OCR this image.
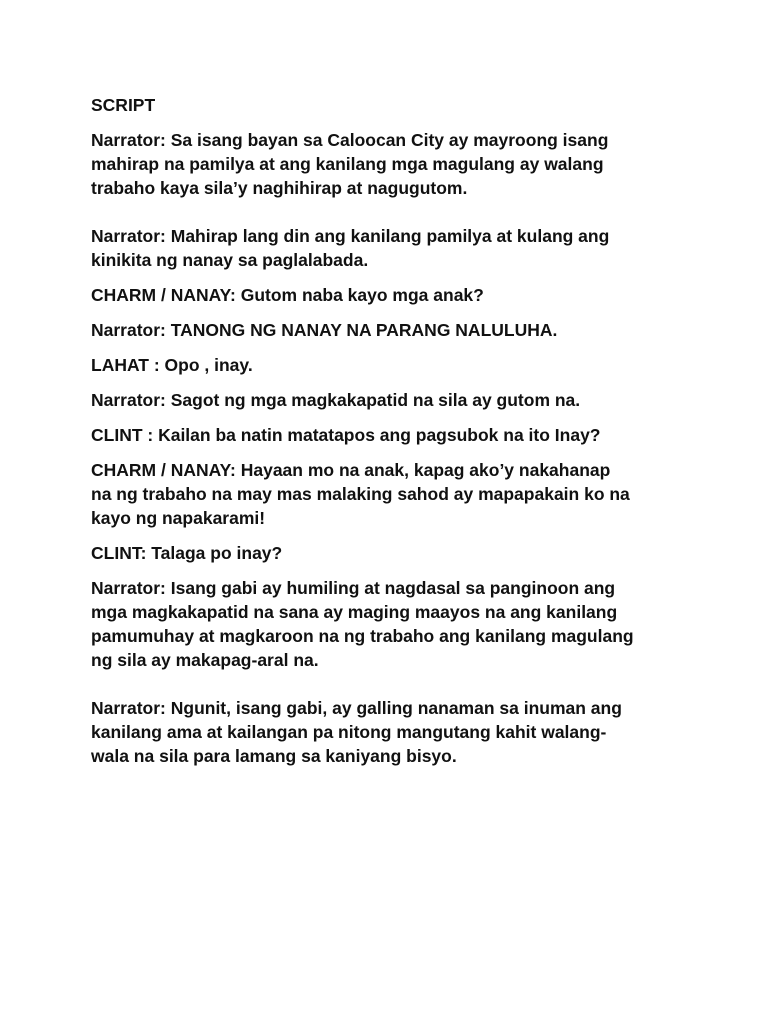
SCRIPT
Narrator: Sa isang bayan sa Caloocan City ay mayroong isang
mahirap na pamilya at ang kanilang mga magulang ay walang
trabaho kaya sila’y naghihirap at nagugutom.
Narrator: Mahirap lang din ang kanilang pamilya at kulang ang
kinikita ng nanay sa paglalabada.
CHARM / NANAY: Gutom naba kayo mga anak?
Narrator: TANONG NG NANAY NA PARANG NALULUHA.
LAHAT : Opo , inay.
Narrator: Sagot ng mga magkakapatid na sila ay gutom na.
CLINT : Kailan ba natin matatapos ang pagsubok na ito Inay?
CHARM / NANAY: Hayaan mo na anak, kapag ako’y nakahanap
na ng trabaho na may mas malaking sahod ay mapapakain ko na
kayo ng napakarami!
CLINT: Talaga po inay?
Narrator: Isang gabi ay humiling at nagdasal sa panginoon ang
mga magkakapatid na sana ay maging maayos na ang kanilang
pamumuhay at magkaroon na ng trabaho ang kanilang magulang
ng sila ay makapag-aral na.
Narrator: Ngunit, isang gabi, ay galling nanaman sa inuman ang
kanilang ama at kailangan pa nitong mangutang kahit walang-
wala na sila para lamang sa kaniyang bisyo.
